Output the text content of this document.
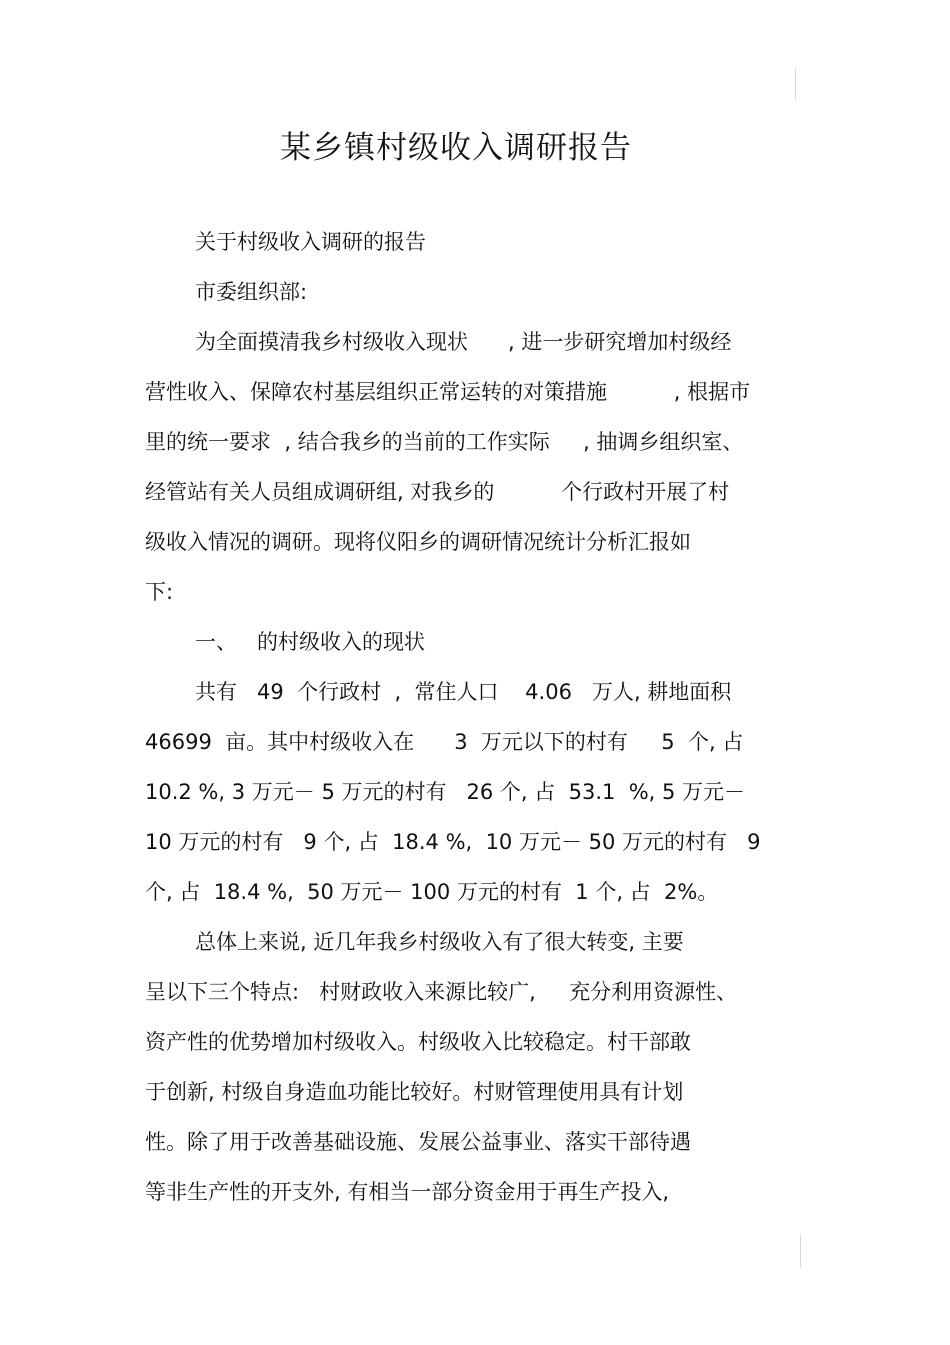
某乡镇村级收入调研报告
关于村级收入调研的报告
市委组织部:
为全面摸清我乡村级收入现状      , 进一步研究增加村级经
营性收入、保障农村基层组织正常运转的对策措施          , 根据市
里的统一要求  , 结合我乡的当前的工作实际     , 抽调乡组织室、
经管站有关人员组成调研组, 对我乡的          个行政村开展了村
级收入情况的调研。现将仪阳乡的调研情况统计分析汇报如
下:
一、   的村级收入的现状
共有   49  个行政村  ,  常住人口    4.06   万人, 耕地面积
46699  亩。其中村级收入在      3  万元以下的村有     5  个, 占
10.2 %, 3 万元－ 5 万元的村有   26 个, 占  53.1  %, 5 万元－
10 万元的村有   9 个, 占  18.4 %,  10 万元－ 50 万元的村有   9
个, 占  18.4 %,  50 万元－ 100 万元的村有  1 个, 占  2%。
总体上来说, 近几年我乡村级收入有了很大转变, 主要
呈以下三个特点:   村财政收入来源比较广,     充分利用资源性、
资产性的优势增加村级收入。村级收入比较稳定。村干部敢
于创新, 村级自身造血功能比较好。村财管理使用具有计划
性。除了用于改善基础设施、发展公益事业、落实干部待遇
等非生产性的开支外, 有相当一部分资金用于再生产投入,
